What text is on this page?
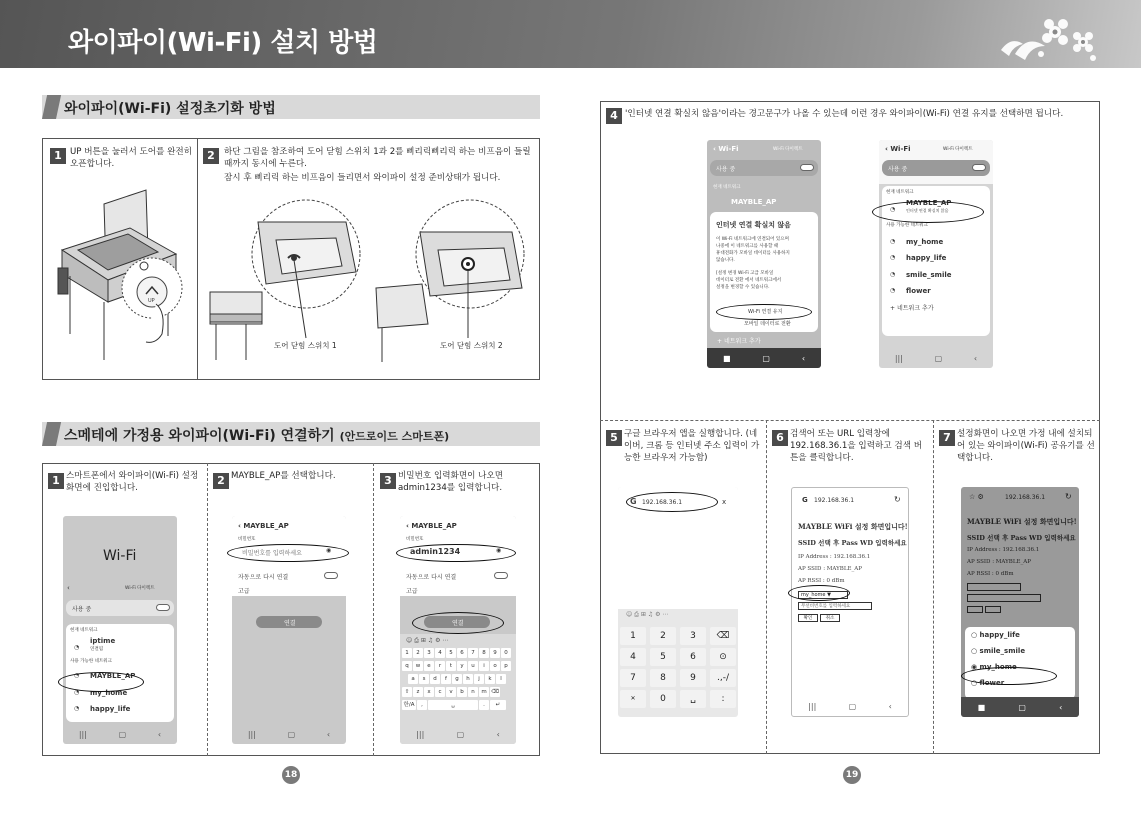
와이파이(Wi-Fi) 설치 방법
와이파이(Wi-Fi) 설정초기화 방법
1 UP 버튼을 눌러서 도어를 완전히 오픈합니다.
2	하단 그림을 참조하여 도어 닫힘 스위치 1과 2를 삐리릭삐리릭 하는 비프음이 들릴 때까지 동시에 누른다.
잠시 후 삐리릭 하는 비프음이 들리면서 와이파이 설정 준비상태가 됩니다.
UP
도어 닫힘 스위치 1	도어 닫힘 스위치 2
스메테에 가정용 와이파이(Wi-Fi) 연결하기 (안드로이드 스마트폰)
1 스마트폰에서 와이파이(Wi-Fi) 설정화면에 진입합니다.
2 MAYBLE_AP를 선택합니다.	3 비밀번호 입력화면이 나오면 admin1234를 입력합니다.
Wi-Fi
‹	Wi-Fi 다이렉트
사용 중
현재 네트워크
◔
iptime
연결됨
사용 가능한 네트워크
◔ MAYBLE_AP
◔ my_home
◔ happy_life
|||	▢	‹
‹ MAYBLE_AP
비밀번호
비밀번호를 입력하세요	◉
자동으로 다시 연결
고급
연결
|||	▢	‹
‹ MAYBLE_AP
비밀번호
admin1234	◉
자동으로 다시 연결
고급
연결
☺ ⎙ ⊞ ♫ ⚙ ⋯
1	2	3	4	5	6	7	8	9	0
q	w	e	r	t	y	u	i	o	p
a	s	d	f	g	h	j	k	l
⇧	z	x	c	v	b	n	m ⌫
한/A	,	␣	.	↵
|||	▢	‹
18
4 '인터넷 연결 확실치 않음'이라는 경고문구가 나올 수 있는데 이런 경우 와이파이(Wi-Fi) 연결 유지를 선택하면 됩니다.
‹ Wi-Fi	Wi-Fi 다이렉트
사용 중
현재 네트워크
MAYBLE_AP
인터넷 연결 확실치 않음
이 Wi-Fi 네트워크에 연결되어 있으며
나중에 이 네트워크를 사용할 때
휴대전화가 모바일 데이터를 사용하지
않습니다.
[설정 변경 Wi-Fi 고급 모바일
데이터로 전환 에서 네트워크에서
설정을 변경할 수 있습니다.
Wi-Fi 연결 유지
모바일 데이터로 전환
+ 네트워크 추가
■	▢	‹
‹ Wi-Fi	Wi-Fi 다이렉트
사용 중
현재 네트워크
◔
MAYBLE_AP
인터넷 연결 확실치 않음
사용 가능한 네트워크
◔ my_home
◔ happy_life
◔ smile_smile
◔ flower
+ 네트워크 추가
|||	▢	‹
5 구글 브라우저 앱을 실행합니다. (네이버, 크롬 등 인터넷 주소 입력이 가능한 브라우저 가능함)
6 검색어 또는 URL 입력창에 192.168.36.1을 입력하고 검색 버튼을 클릭합니다.
7 설정화면이 나오면 가정 내에 설치되어 있는 와이파이(Wi-Fi) 공유기를 선택합니다.
G 192.168.36.1	x
☺ ⎙ ⊞ ♫ ⚙ ⋯
1	2	3	⌫
4	5	6	⊙
7	8	9	.,-/
✕	0	␣	:
G 192.168.36.1	↻
MAYBLE WiFi 설정 화면입니다!
SSID 선택 후 Pass WD 입력하세요
IP Address : 192.168.36.1
AP SSID : MAYBLE_AP
AP RSSI : 0 dBm
my_home ▼
무선비번호를 입력하세요
확인	취소
|||	▢	‹
☆ ⚙	192.168.36.1 ↻
MAYBLE WiFi 설정 화면입니다!
SSID 선택 후 Pass WD 입력하세요
IP Address : 192.168.36.1
AP SSID : MAYBLE_AP
AP RSSI : 0 dBm
○ happy_life
○ smile_smile
◉ my_home
○ flower
■	▢	‹
19
